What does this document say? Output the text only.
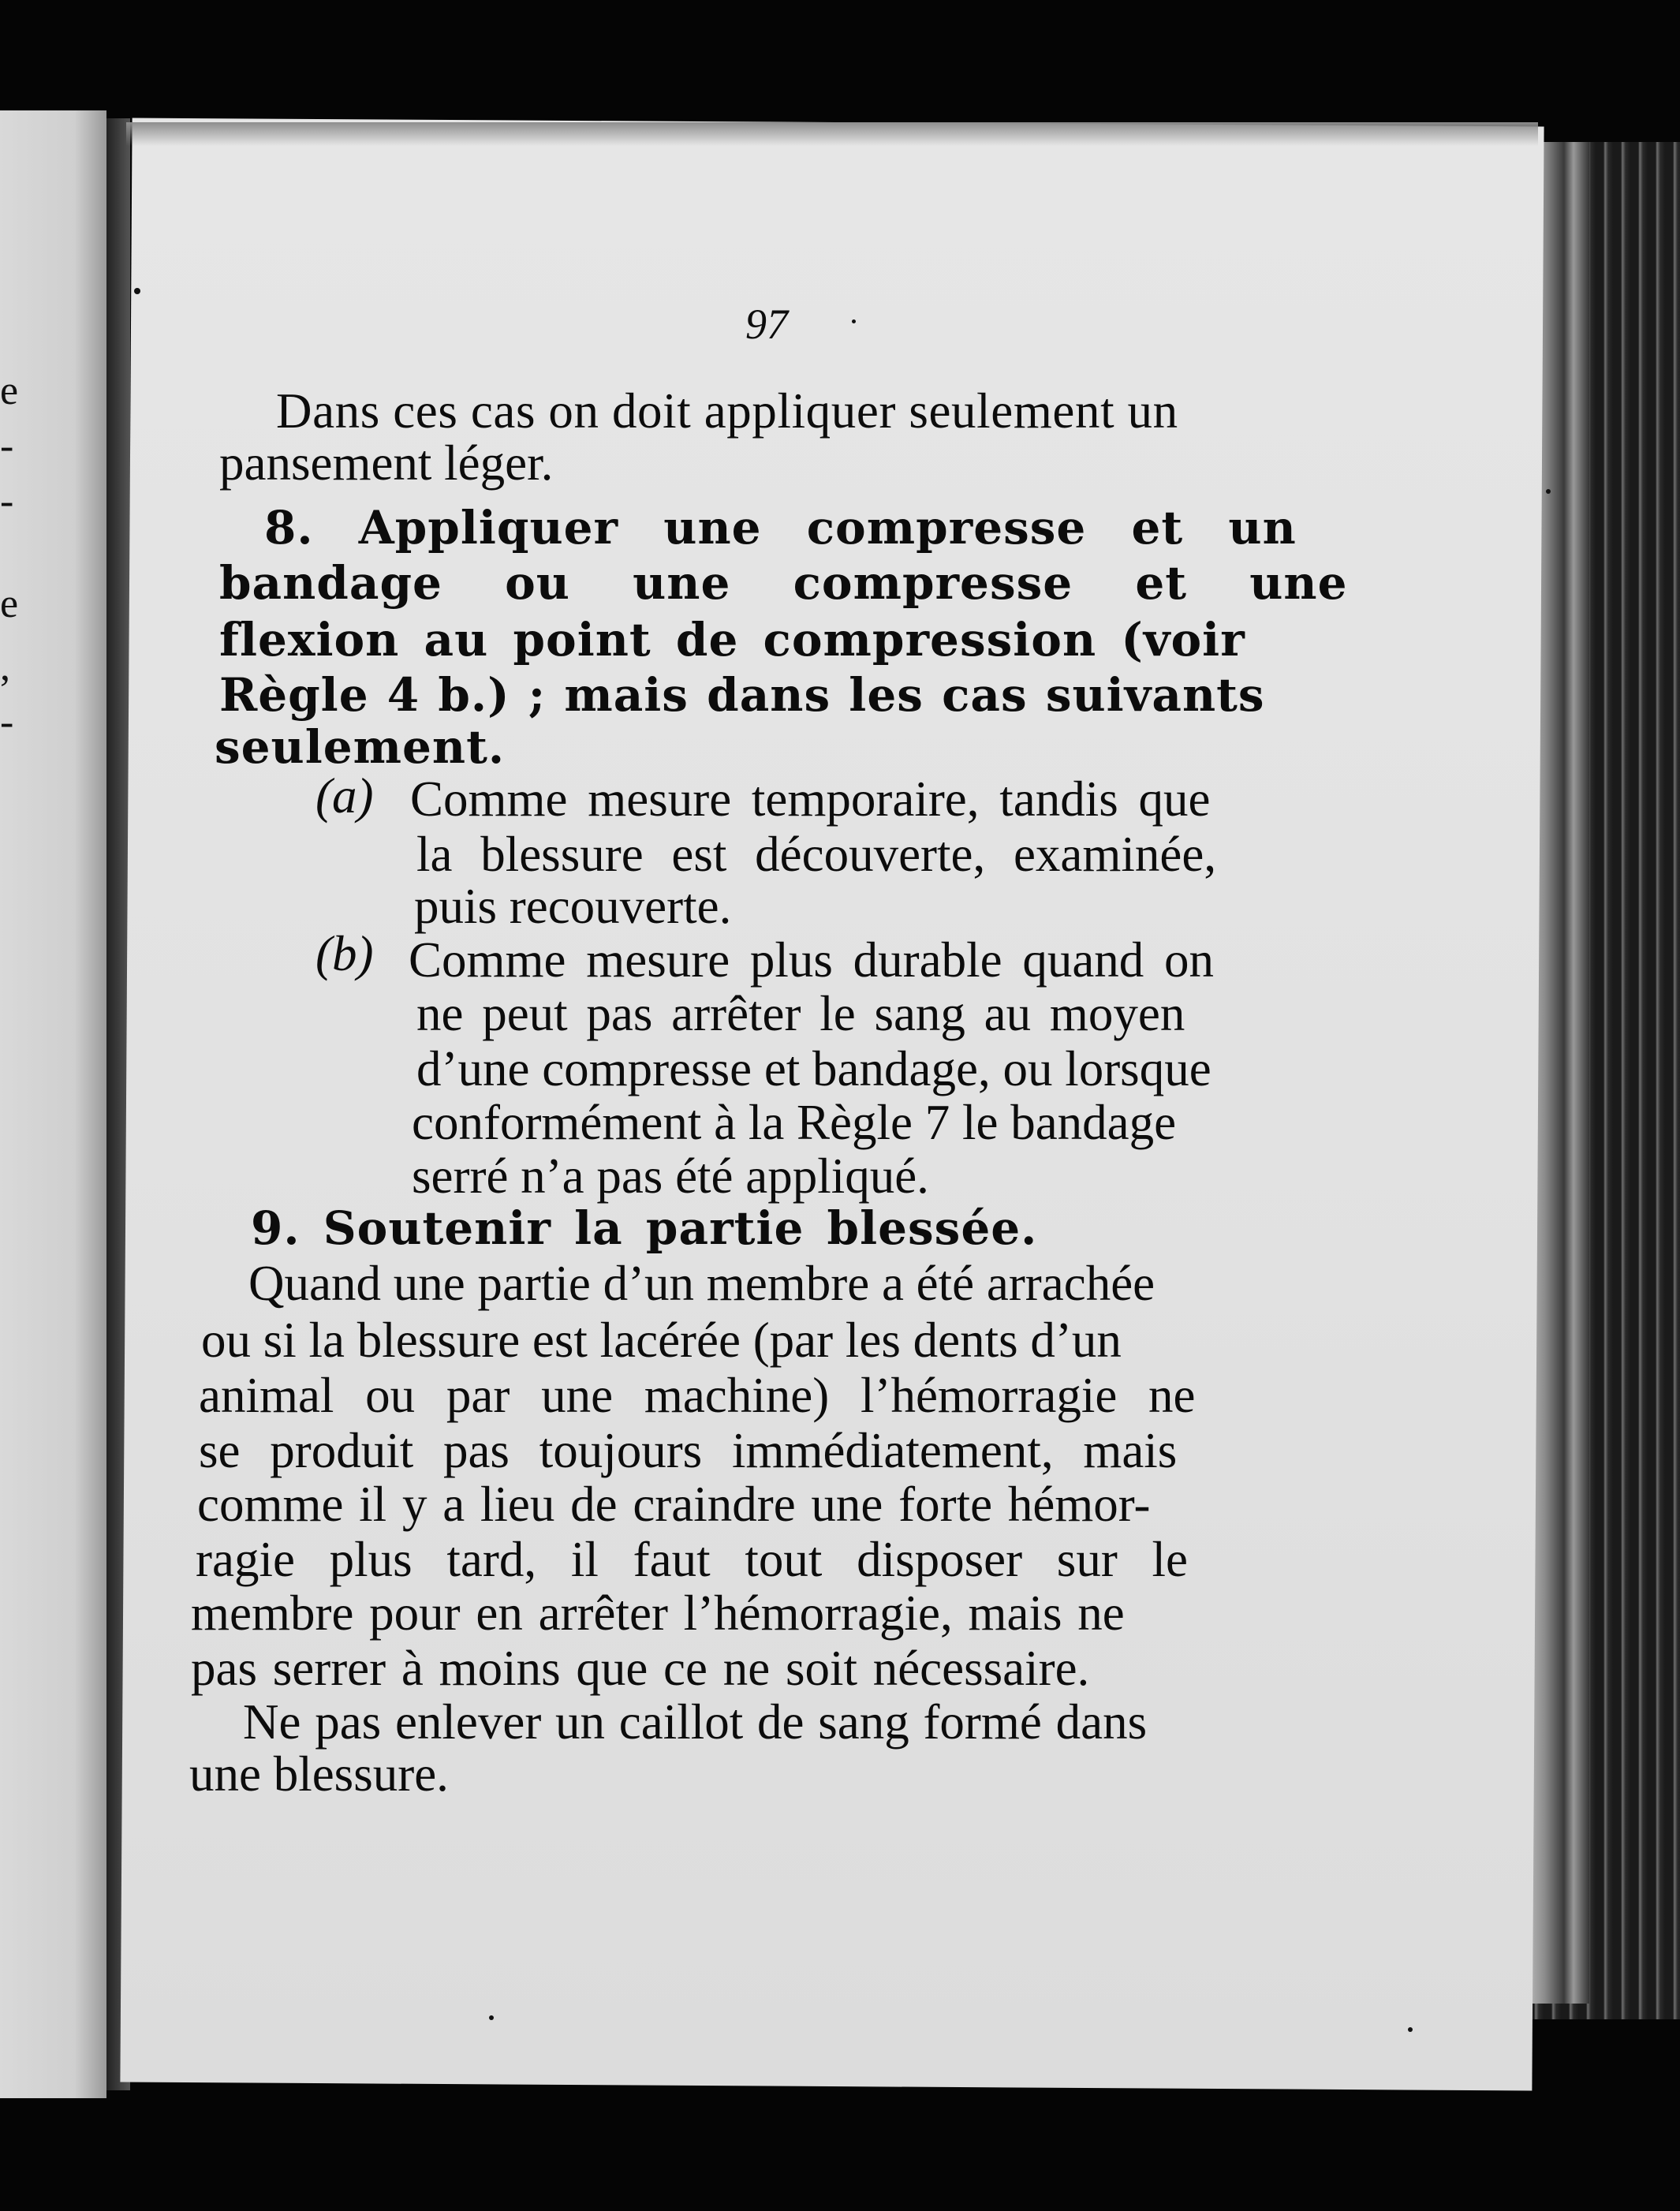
e
-
-
e
,
-
97
Dans ces cas on doit appliquer seulement un
pansement léger.
8. Appliquer une compresse et un
bandage ou une compresse et une
flexion au point de compression (voir
Règle 4 b.) ; mais dans les cas suivants
seulement.
(a) Comme mesure temporaire, tandis que
la blessure est découverte, examinée,
puis recouverte.
(b) Comme mesure plus durable quand on
ne peut pas arrêter le sang au moyen
d’une compresse et bandage, ou lorsque
conformément à la Règle 7 le bandage
serré n’a pas été appliqué.
9. Soutenir la partie blessée.
Quand une partie d’un membre a été arrachée
ou si la blessure est lacérée (par les dents d’un
animal ou par une machine) l’hémorragie ne
se produit pas toujours immédiatement, mais
comme il y a lieu de craindre une forte hémor-
ragie plus tard, il faut tout disposer sur le
membre pour en arrêter l’hémorragie, mais ne
pas serrer à moins que ce ne soit nécessaire.
Ne pas enlever un caillot de sang formé dans
une blessure.
